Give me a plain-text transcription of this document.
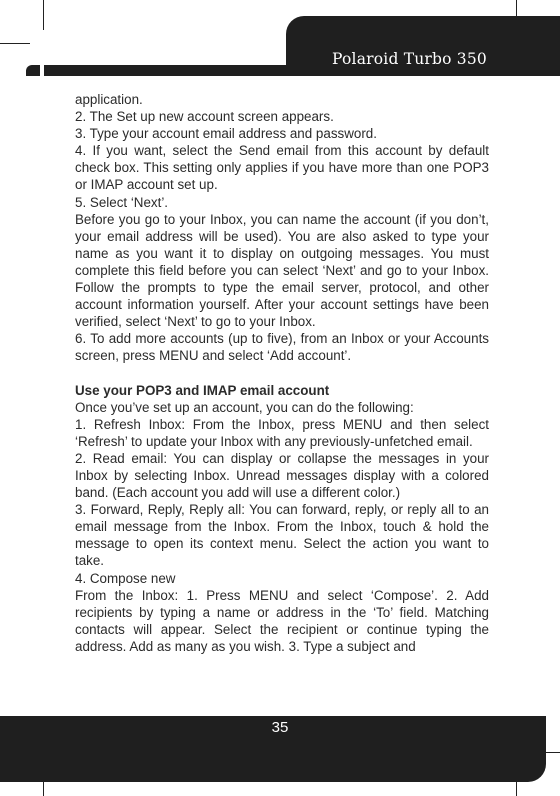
Polaroid Turbo 350

application.

2. The Set up new account screen appears.

3. Type your account email address and password.

4. If you want, select the Send email from this account by default check box. This setting only applies if you have more than one POP3 or IMAP account set up.

5. Select ‘Next’.

Before you go to your Inbox, you can name the account (if you don’t, your email address will be used). You are also asked to type your name as you want it to display on outgoing messages. You must complete this field before you can select ‘Next’ and go to your Inbox. Follow the prompts to type the email server, protocol, and other account information yourself. After your account settings have been verified, select ‘Next’ to go to your Inbox.

6. To add more accounts (up to five), from an Inbox or your Accounts screen, press MENU and select ‘Add account’.

Use your POP3 and IMAP email account

Once you’ve set up an account, you can do the following:

1. Refresh Inbox: From the Inbox, press MENU and then select ‘Refresh’ to update your Inbox with any previously-unfetched email.

2. Read email: You can display or collapse the messages in your Inbox by selecting Inbox. Unread messages display with a colored band. (Each account you add will use a different color.)

3. Forward, Reply, Reply all: You can forward, reply, or reply all to an email message from the Inbox. From the Inbox, touch & hold the message to open its context menu. Select the action you want to take.

4. Compose new

From the Inbox: 1. Press MENU and select ‘Compose’. 2. Add recipients by typing a name or address in the ‘To’ field. Matching contacts will appear. Select the recipient or continue typing the address. Add as many as you wish. 3. Type a subject and

35
